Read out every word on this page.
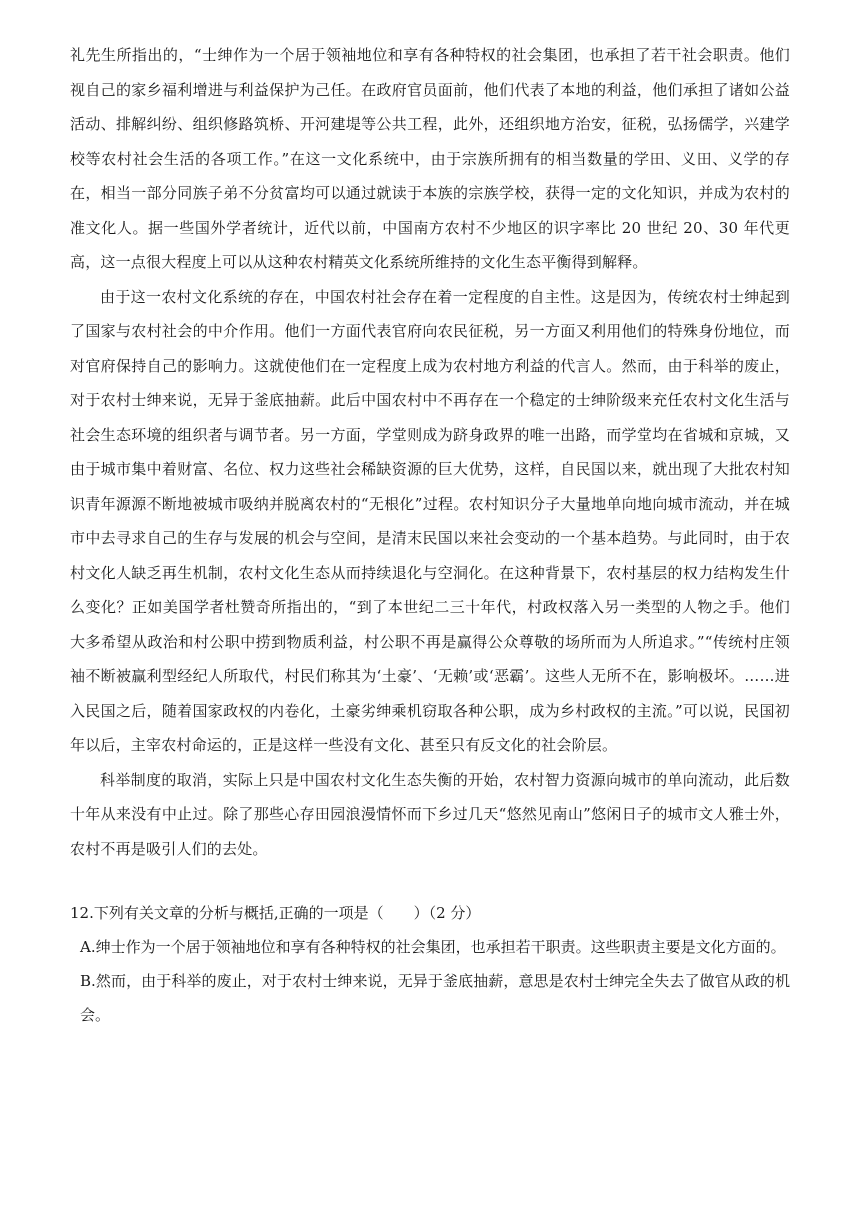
礼先生所指出的，“士绅作为一个居于领袖地位和享有各种特权的社会集团，也承担了若干社会职责。他们视自己的家乡福利增进与利益保护为己任。在政府官员面前，他们代表了本地的利益，他们承担了诸如公益活动、排解纠纷、组织修路筑桥、开河建堤等公共工程，此外，还组织地方治安，征税，弘扬儒学，兴建学校等农村社会生活的各项工作。”在这一文化系统中，由于宗族所拥有的相当数量的学田、义田、义学的存在，相当一部分同族子弟不分贫富均可以通过就读于本族的宗族学校，获得一定的文化知识，并成为农村的准文化人。据一些国外学者统计，近代以前，中国南方农村不少地区的识字率比 20 世纪 20、30 年代更高，这一点很大程度上可以从这种农村精英文化系统所维持的文化生态平衡得到解释。

由于这一农村文化系统的存在，中国农村社会存在着一定程度的自主性。这是因为，传统农村士绅起到了国家与农村社会的中介作用。他们一方面代表官府向农民征税，另一方面又利用他们的特殊身份地位，而对官府保持自己的影响力。这就使他们在一定程度上成为农村地方利益的代言人。然而，由于科举的废止，对于农村士绅来说，无异于釜底抽薪。此后中国农村中不再存在一个稳定的士绅阶级来充任农村文化生活与社会生态环境的组织者与调节者。另一方面，学堂则成为跻身政界的唯一出路，而学堂均在省城和京城，又由于城市集中着财富、名位、权力这些社会稀缺资源的巨大优势，这样，自民国以来，就出现了大批农村知识青年源源不断地被城市吸纳并脱离农村的“无根化”过程。农村知识分子大量地单向地向城市流动，并在城市中去寻求自己的生存与发展的机会与空间，是清末民国以来社会变动的一个基本趋势。与此同时，由于农村文化人缺乏再生机制，农村文化生态从而持续退化与空洞化。在这种背景下，农村基层的权力结构发生什么变化？正如美国学者杜赞奇所指出的，“到了本世纪二三十年代，村政权落入另一类型的人物之手。他们大多希望从政治和村公职中捞到物质利益，村公职不再是赢得公众尊敬的场所而为人所追求。”“传统村庄领袖不断被赢利型经纪人所取代，村民们称其为‘土豪’、‘无赖’或‘恶霸’。这些人无所不在，影响极坏。……进入民国之后，随着国家政权的内卷化，土豪劣绅乘机窃取各种公职，成为乡村政权的主流。”可以说，民国初年以后，主宰农村命运的，正是这样一些没有文化、甚至只有反文化的社会阶层。

科举制度的取消，实际上只是中国农村文化生态失衡的开始，农村智力资源向城市的单向流动，此后数十年从来没有中止过。除了那些心存田园浪漫情怀而下乡过几天“悠然见南山”悠闲日子的城市文人雅士外，农村不再是吸引人们的去处。

12.下列有关文章的分析与概括,正确的一项是（　　）（2 分）

A.绅士作为一个居于领袖地位和享有各种特权的社会集团，也承担若干职责。这些职责主要是文化方面的。

B.然而，由于科举的废止，对于农村士绅来说，无异于釜底抽薪，意思是农村士绅完全失去了做官从政的机会。
